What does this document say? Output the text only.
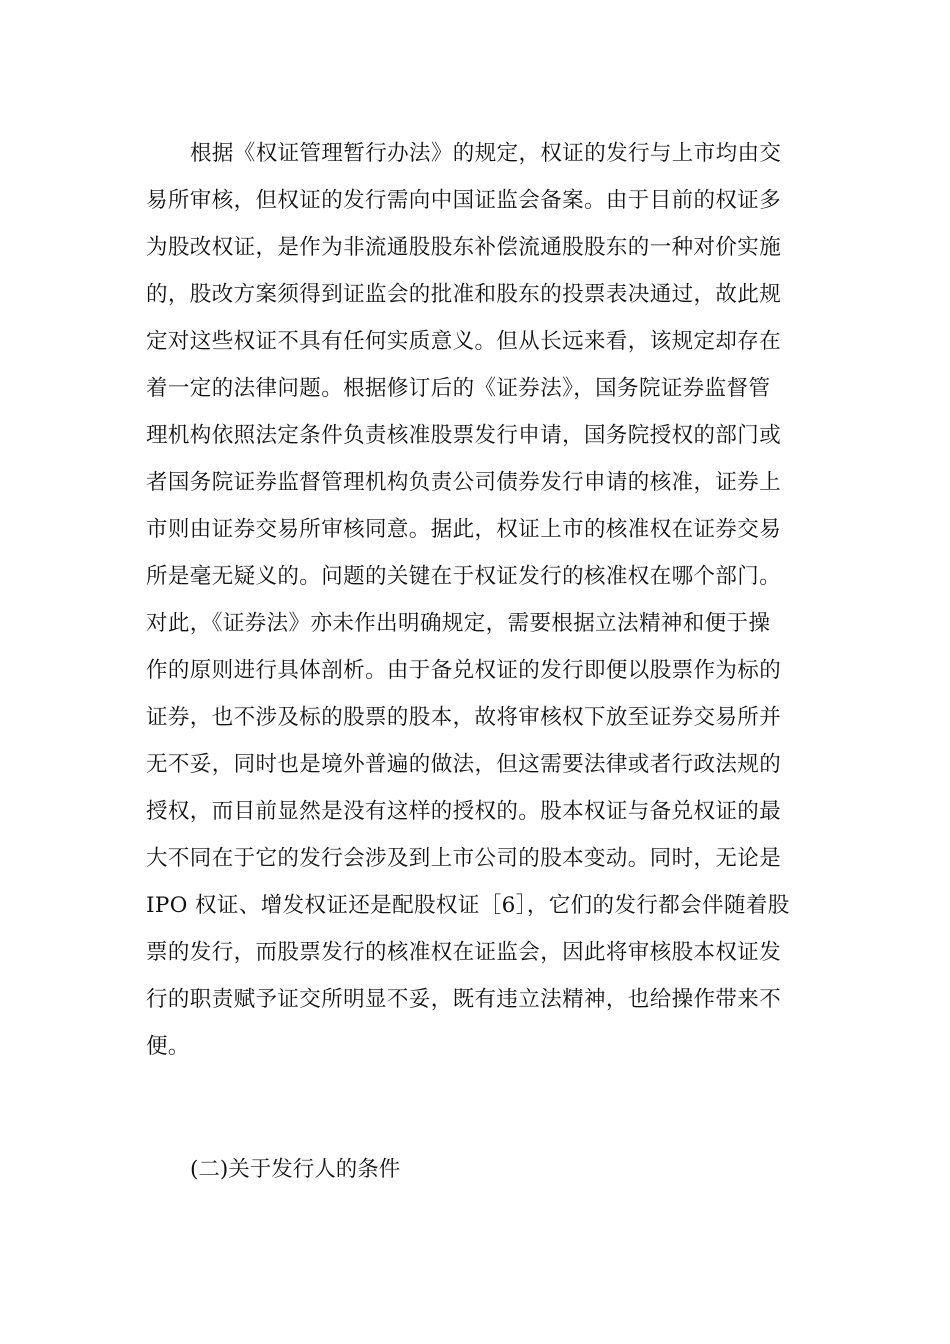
根据《权证管理暂行办法》的规定，权证的发行与上市均由交
易所审核，但权证的发行需向中国证监会备案。由于目前的权证多
为股改权证，是作为非流通股股东补偿流通股股东的一种对价实施
的，股改方案须得到证监会的批准和股东的投票表决通过，故此规
定对这些权证不具有任何实质意义。但从长远来看，该规定却存在
着一定的法律问题。根据修订后的《证券法》，国务院证券监督管
理机构依照法定条件负责核准股票发行申请，国务院授权的部门或
者国务院证券监督管理机构负责公司债券发行申请的核准，证券上
市则由证券交易所审核同意。据此，权证上市的核准权在证券交易
所是毫无疑义的。问题的关键在于权证发行的核准权在哪个部门。
对此，《证券法》亦未作出明确规定，需要根据立法精神和便于操
作的原则进行具体剖析。由于备兑权证的发行即便以股票作为标的
证券，也不涉及标的股票的股本，故将审核权下放至证券交易所并
无不妥，同时也是境外普遍的做法，但这需要法律或者行政法规的
授权，而目前显然是没有这样的授权的。股本权证与备兑权证的最
大不同在于它的发行会涉及到上市公司的股本变动。同时，无论是
IPO 权证、增发权证还是配股权证［6］，它们的发行都会伴随着股
票的发行，而股票发行的核准权在证监会，因此将审核股本权证发
行的职责赋予证交所明显不妥，既有违立法精神，也给操作带来不
便。
(二)关于发行人的条件
